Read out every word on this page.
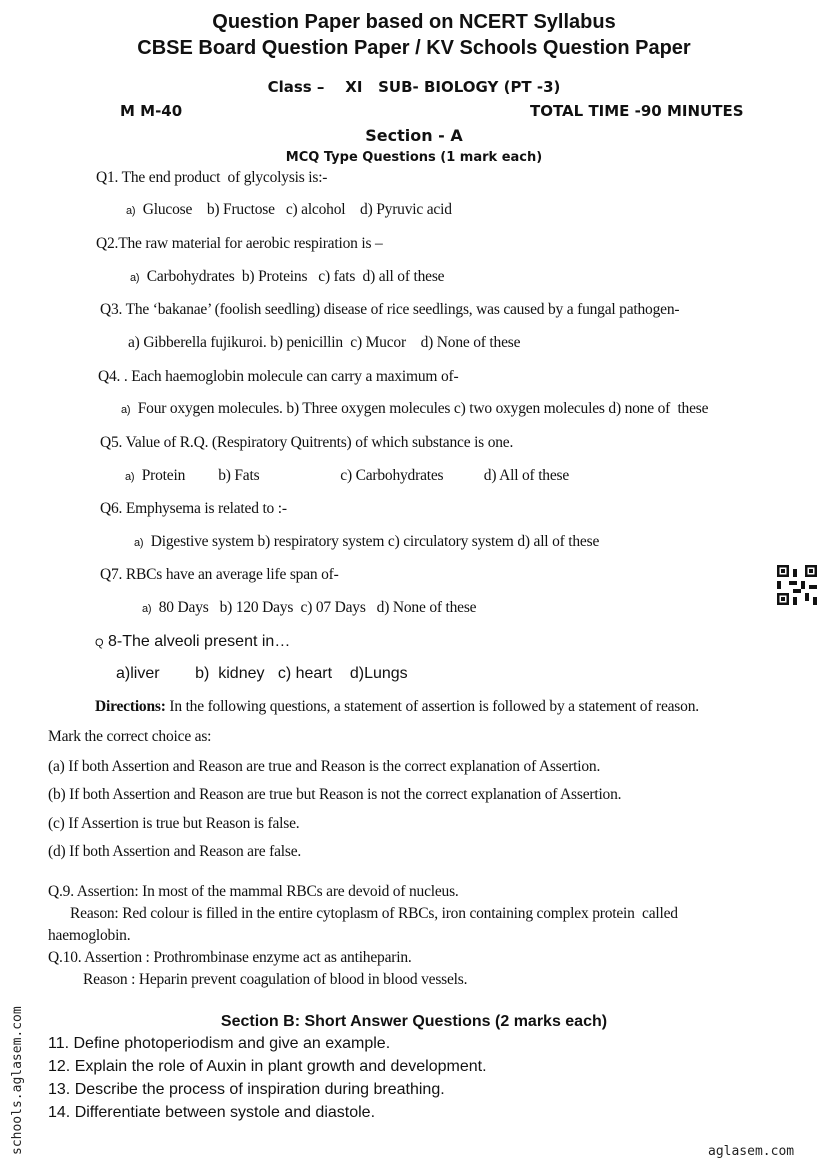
Question Paper based on NCERT Syllabus
CBSE Board Question Paper / KV Schools Question Paper
Class –    XI   SUB- BIOLOGY (PT -3)
M M-40	TOTAL TIME -90 MINUTES
Section - A
MCQ Type Questions (1 mark each)
Q1. The end product  of glycolysis is:-
a)  Glucose    b) Fructose   c) alcohol    d) Pyruvic acid
Q2.The raw material for aerobic respiration is –
a)  Carbohydrates  b) Proteins   c) fats  d) all of these
Q3. The ‘bakanae’ (foolish seedling) disease of rice seedlings, was caused by a fungal pathogen-
a) Gibberella fujikuroi. b) penicillin  c) Mucor    d) None of these
Q4. . Each haemoglobin molecule can carry a maximum of-
a)  Four oxygen molecules. b) Three oxygen molecules c) two oxygen molecules d) none of  these
Q5. Value of R.Q. (Respiratory Quitrents) of which substance is one.
a)  Protein         b) Fats                      c) Carbohydrates           d) All of these
Q6. Emphysema is related to :-
a)  Digestive system b) respiratory system c) circulatory system d) all of these
Q7. RBCs have an average life span of-
a)  80 Days   b) 120 Days  c) 07 Days   d) None of these
Q 8-The alveoli present in…
a)liver        b)  kidney   c) heart    d)Lungs
Directions: In the following questions, a statement of assertion is followed by a statement of reason.
Mark the correct choice as:
(a) If both Assertion and Reason are true and Reason is the correct explanation of Assertion.
(b) If both Assertion and Reason are true but Reason is not the correct explanation of Assertion.
(c) If Assertion is true but Reason is false.
(d) If both Assertion and Reason are false.
Q.9. Assertion: In most of the mammal RBCs are devoid of nucleus.
Reason: Red colour is filled in the entire cytoplasm of RBCs, iron containing complex protein  called
haemoglobin.
Q.10. Assertion : Prothrombinase enzyme act as antiheparin.
Reason : Heparin prevent coagulation of blood in blood vessels.
Section B: Short Answer Questions (2 marks each)
11. Define photoperiodism and give an example.
12. Explain the role of Auxin in plant growth and development.
13. Describe the process of inspiration during breathing.
14. Differentiate between systole and diastole.
schools.aglasem.com	aglasem.com
